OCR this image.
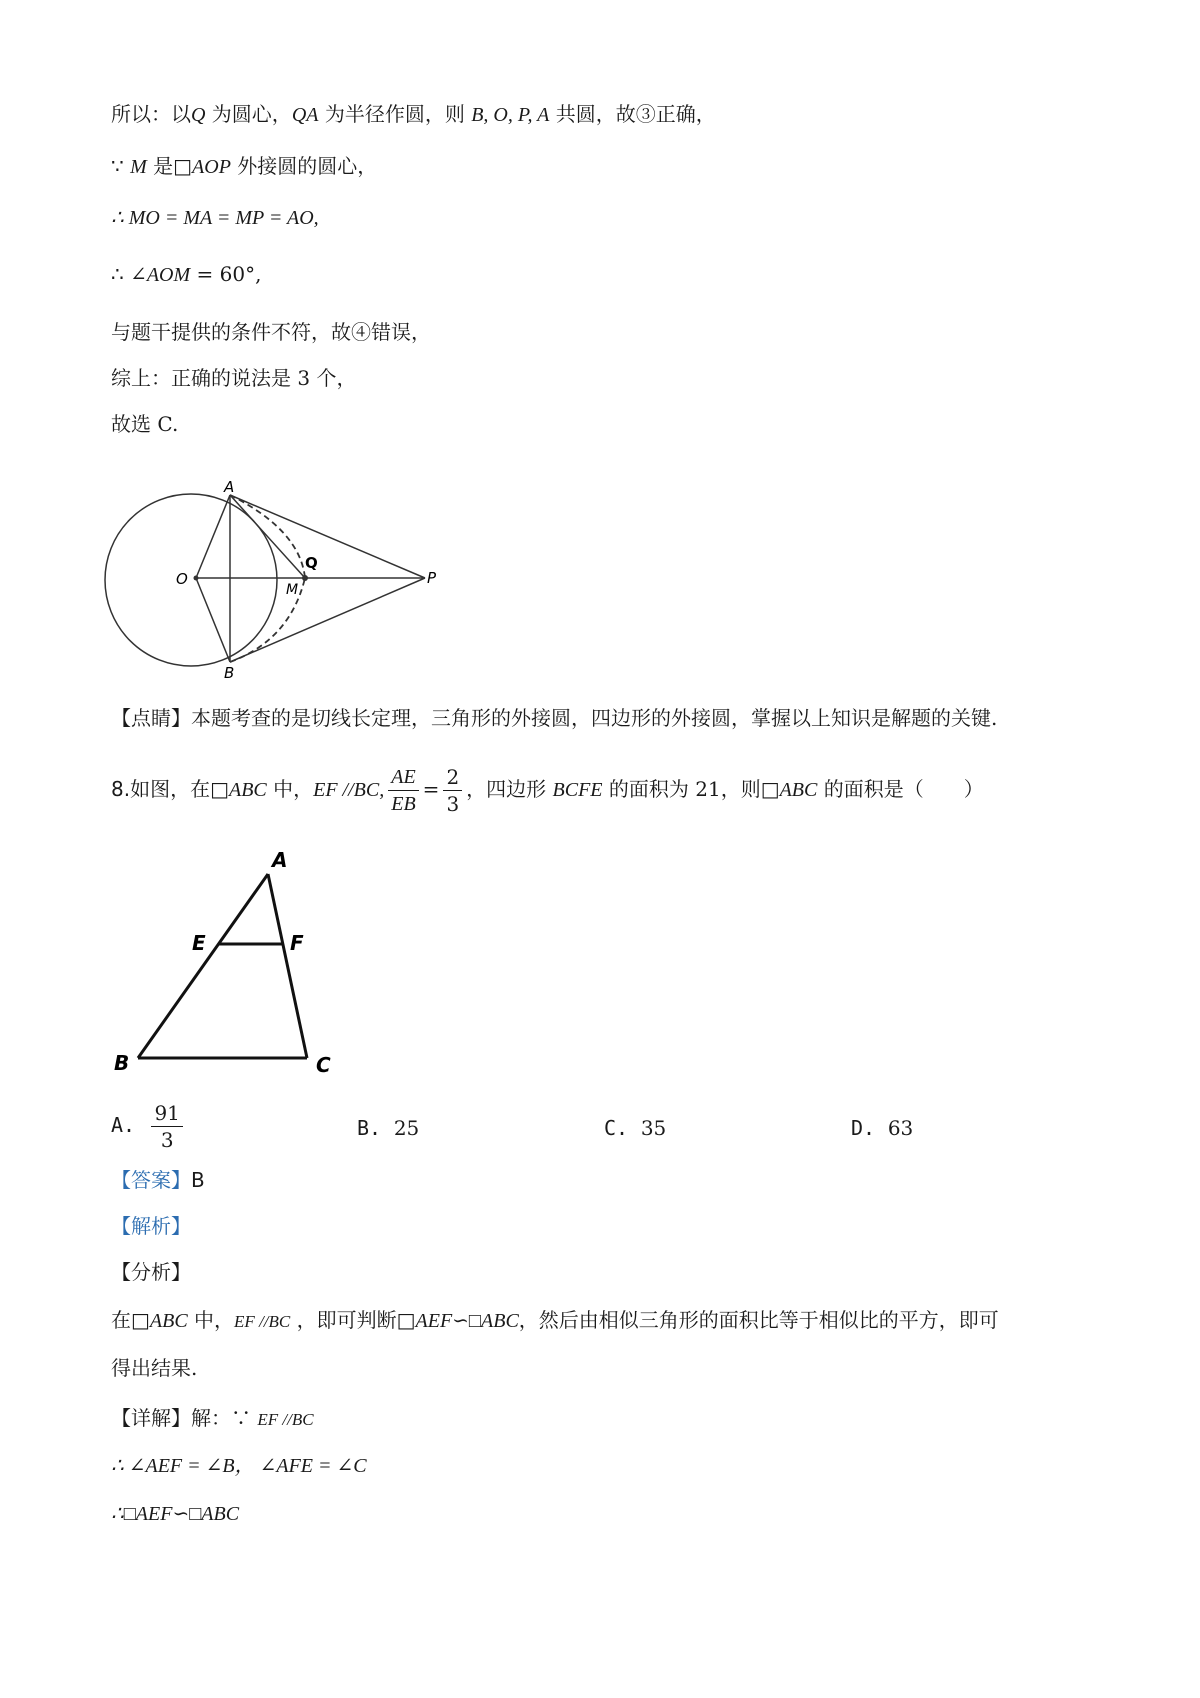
所以：以Q 为圆心，QA 为半径作圆，则 B, O, P, A 共圆，故③正确，
∵ M 是□AOP 外接圆的圆心，
∴ MO = MA = MP = AO,
∴ ∠AOM = 60°,
与题干提供的条件不符，故④错误，
综上：正确的说法是 3 个，
故选 C.
A
O
Q
M
P
B
【点睛】本题考查的是切线长定理，三角形的外接圆，四边形的外接圆，掌握以上知识是解题的关键.
8.如图，在□ABC 中，EF //BC, $\frac{AE}{EB} = \frac{2}{3}$ ，四边形 BCFE 的面积为 21，则□ABC 的面积是（　　）
A
E	F
B	C
A. $\frac{91}{3}$	B. 25	C. 35	D. 63
【答案】B
【解析】
【分析】
在□ABC 中，EF //BC ，即可判断□AEF∽□ABC，然后由相似三角形的面积比等于相似比的平方，即可
得出结果.
【详解】解：∵ EF //BC
∴ ∠AEF = ∠B， ∠AFE = ∠C
∴□AEF∽□ABC
